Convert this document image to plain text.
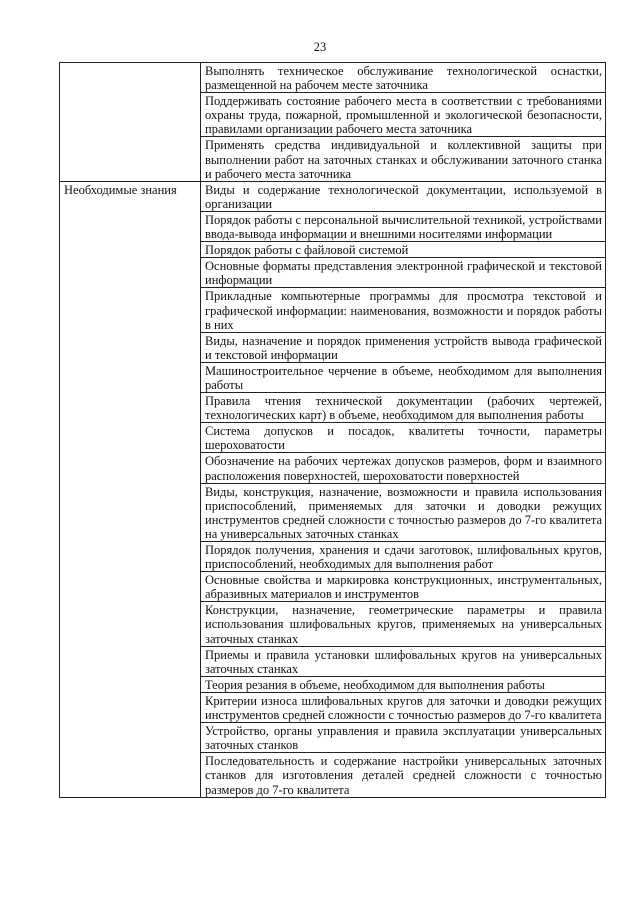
23
	Выполнять техническое обслуживание технологической оснастки, размещенной на рабочем месте заточника
	Поддерживать состояние рабочего места в соответствии с требованиями охраны труда, пожарной, промышленной и экологической безопасности, правилами организации рабочего места заточника
	Применять средства индивидуальной и коллективной защиты при выполнении работ на заточных станках и обслуживании заточного станка и рабочего места заточника
Необходимые знания	Виды и содержание технологической документации, используемой в организации
	Порядок работы с персональной вычислительной техникой, устройствами ввода-вывода информации и внешними носителями информации
	Порядок работы с файловой системой
	Основные форматы представления электронной графической и текстовой информации
	Прикладные компьютерные программы для просмотра текстовой и графической информации: наименования, возможности и порядок работы в них
	Виды, назначение и порядок применения устройств вывода графической и текстовой информации
	Машиностроительное черчение в объеме, необходимом для выполнения работы
	Правила чтения технической документации (рабочих чертежей, технологических карт) в объеме, необходимом для выполнения работы
	Система допусков и посадок, квалитеты точности, параметры шероховатости
	Обозначение на рабочих чертежах допусков размеров, форм и взаимного расположения поверхностей, шероховатости поверхностей
	Виды, конструкция, назначение, возможности и правила использования приспособлений, применяемых для заточки и доводки режущих инструментов средней сложности с точностью размеров до 7-го квалитета на универсальных заточных станках
	Порядок получения, хранения и сдачи заготовок, шлифовальных кругов, приспособлений, необходимых для выполнения работ
	Основные свойства и маркировка конструкционных, инструментальных, абразивных материалов и инструментов
	Конструкции, назначение, геометрические параметры и правила использования шлифовальных кругов, применяемых на универсальных заточных станках
	Приемы и правила установки шлифовальных кругов на универсальных заточных станках
	Теория резания в объеме, необходимом для выполнения работы
	Критерии износа шлифовальных кругов для заточки и доводки режущих инструментов средней сложности с точностью размеров до 7-го квалитета
	Устройство, органы управления и правила эксплуатации универсальных заточных станков
	Последовательность и содержание настройки универсальных заточных станков для изготовления деталей средней сложности с точностью размеров до 7-го квалитета
